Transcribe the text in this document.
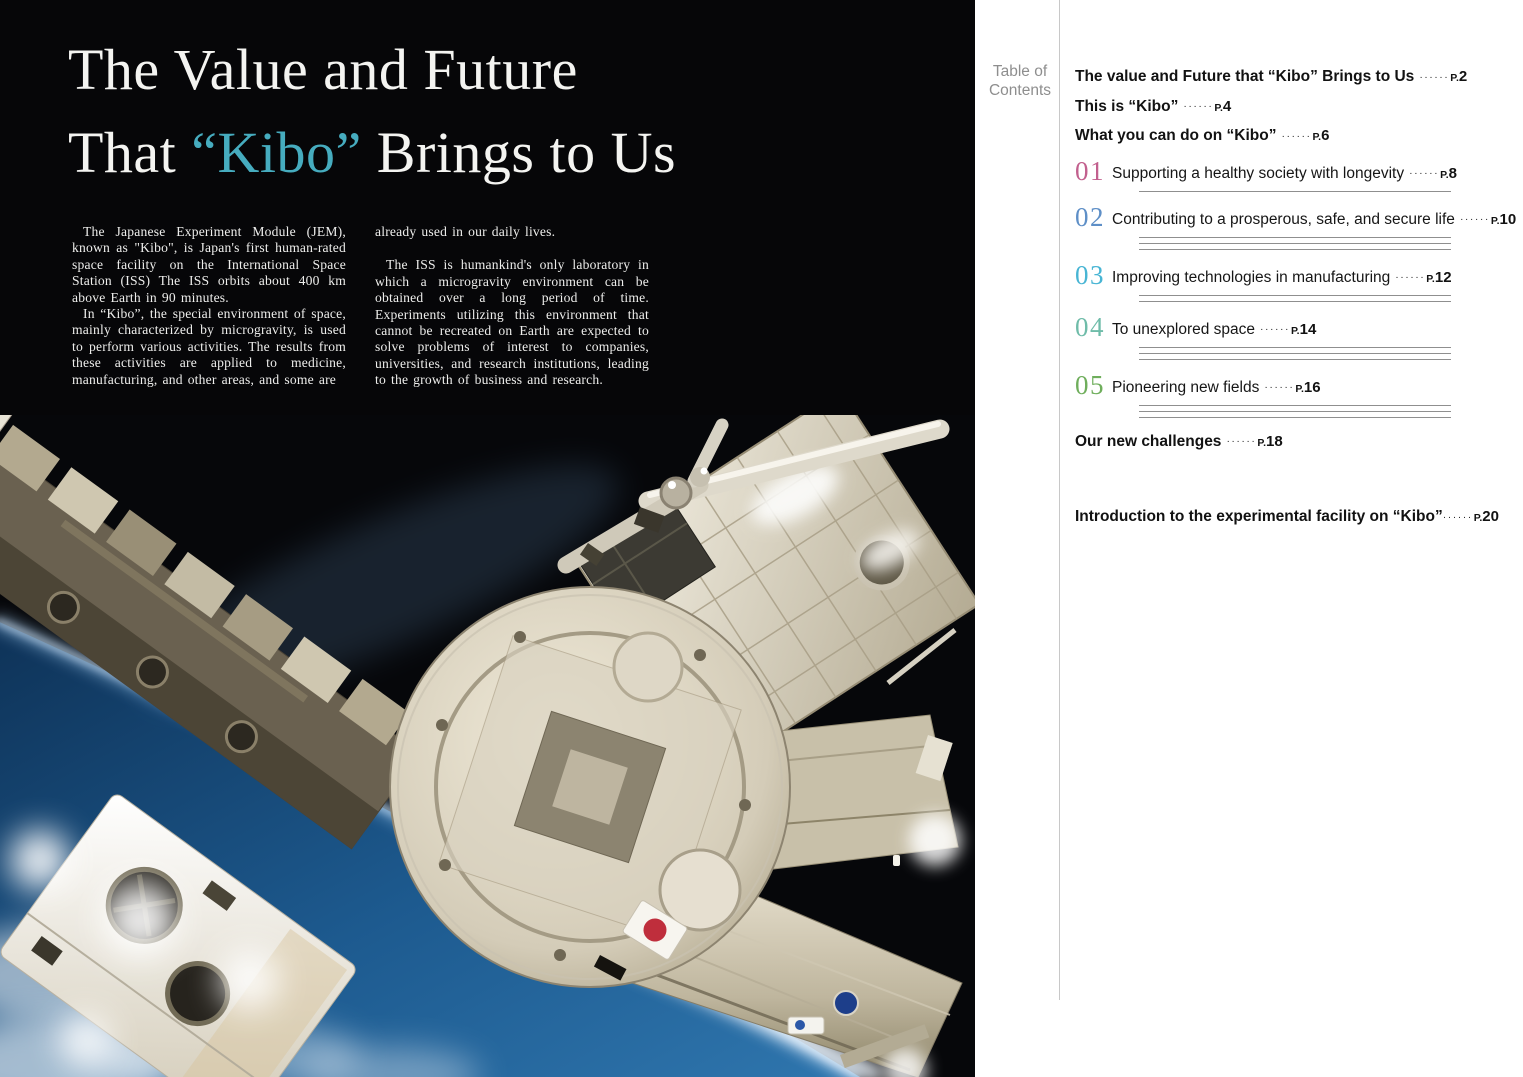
The Value and Future
That “Kibo” Brings to Us

The Japanese Experiment Module (JEM), known as "Kibo", is Japan's first human-rated space facility on the International Space Station (ISS) The ISS orbits about 400 km above Earth in 90 minutes.

In “Kibo”, the special environment of space, mainly characterized by microgravity, is used to perform various activities. The results from these activities are applied to medicine, manufacturing, and other areas, and some are

already used in our daily lives.

The ISS is humankind's only laboratory in which a microgravity environment can be obtained over a long period of time. Experiments utilizing this environment that cannot be recreated on Earth are expected to solve problems of interest to companies, universities, and research institutions, leading to the growth of business and research.

Table of
Contents
The value and Future that “Kibo” Brings to Us ······P.2
This is “Kibo” ······P.4
What you can do on “Kibo” ······P.6
01 Supporting a healthy society with longevity ······P.8
02 Contributing to a prosperous, safe, and secure life ······P.10
03 Improving technologies in manufacturing ······P.12
04 To unexplored space ······P.14
05 Pioneering new fields ······P.16
Our new challenges ······P.18
Introduction to the experimental facility on “Kibo”······P.20
